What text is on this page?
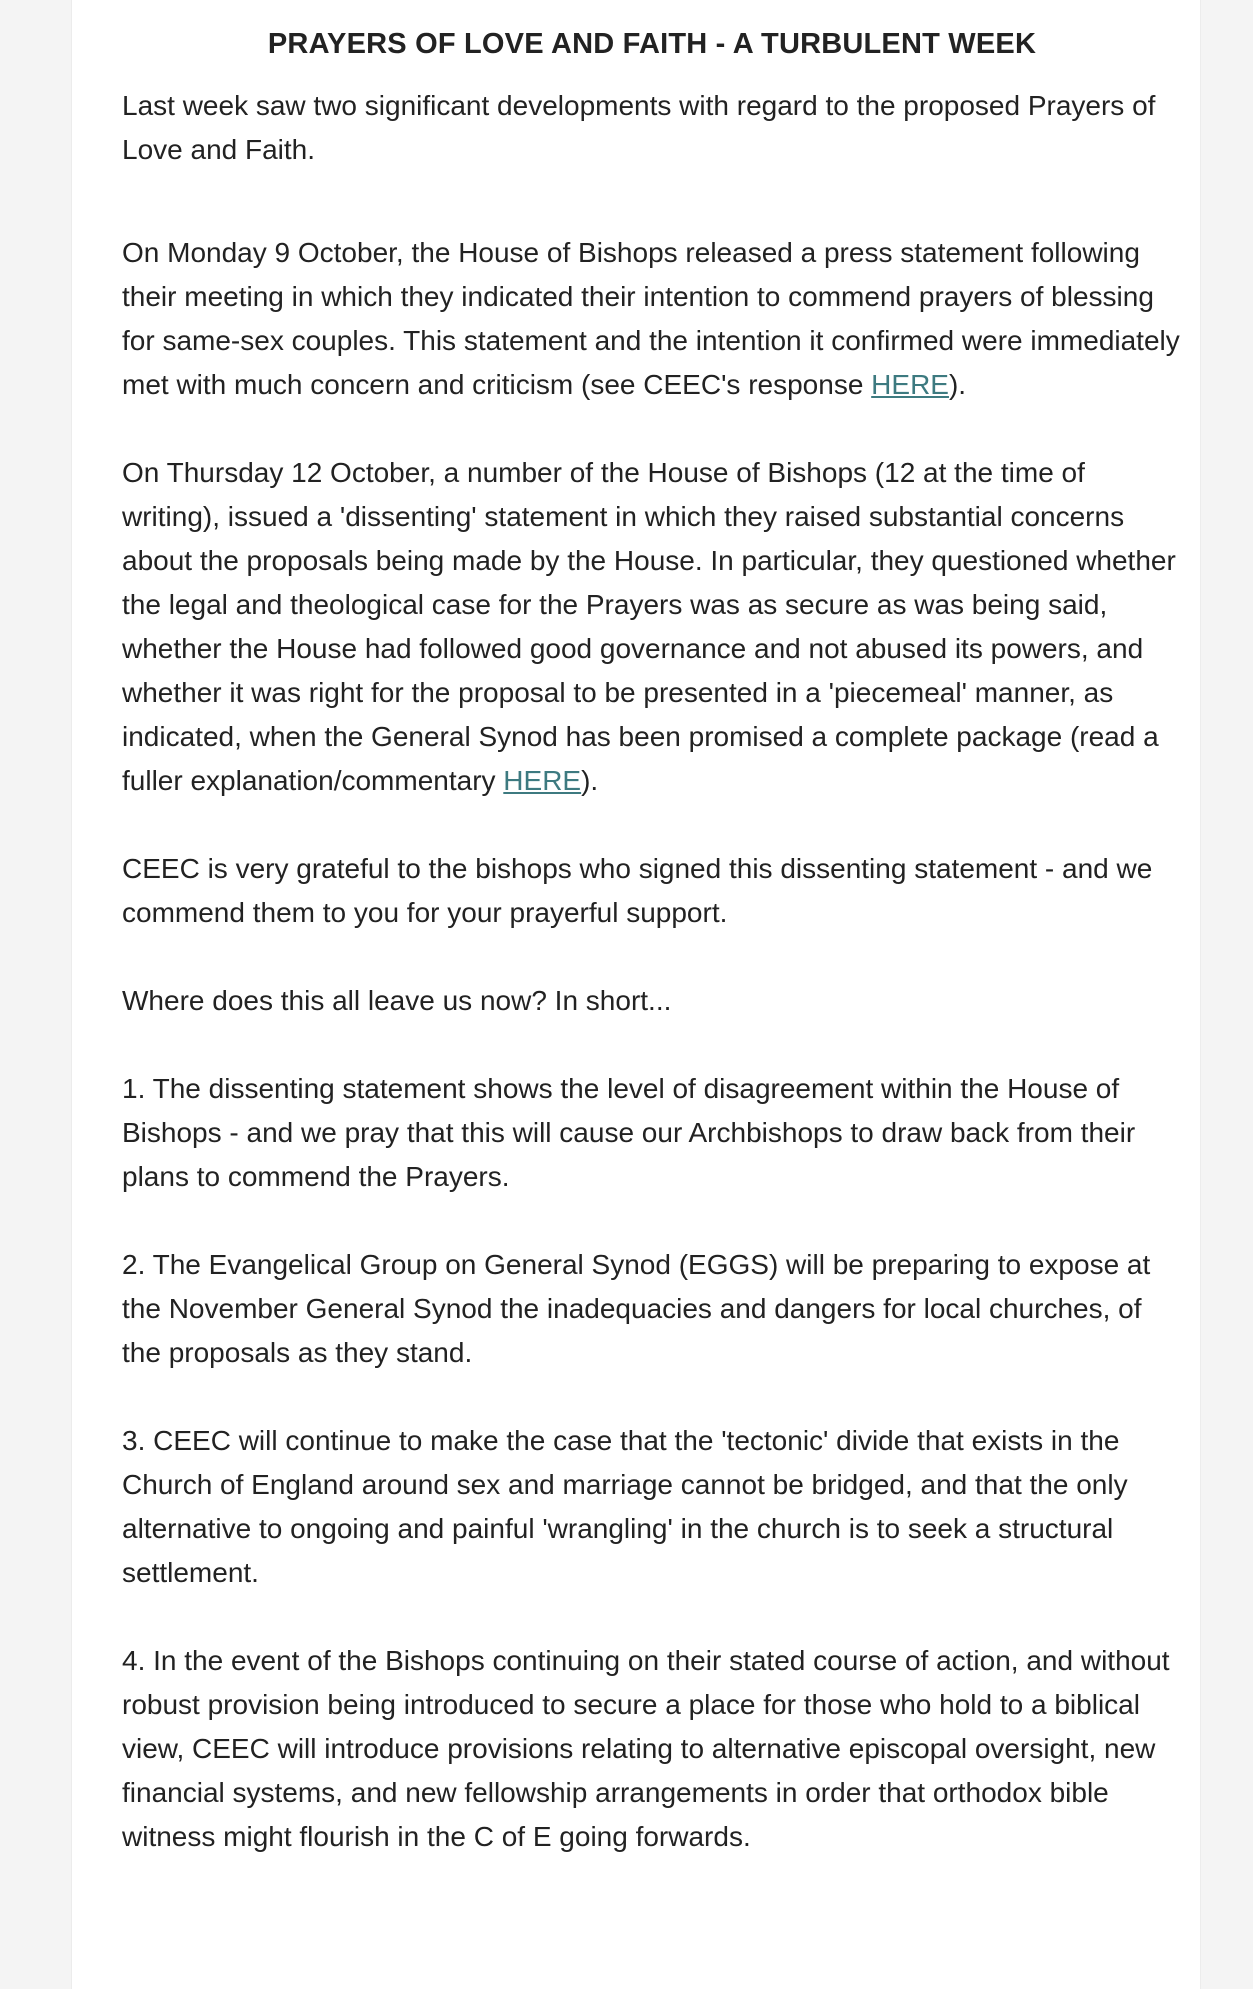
PRAYERS OF LOVE AND FAITH - A TURBULENT WEEK

Last week saw two significant developments with regard to the proposed Prayers of Love and Faith.

On Monday 9 October, the House of Bishops released a press statement following their meeting in which they indicated their intention to commend prayers of blessing for same-sex couples. This statement and the intention it confirmed were immediately met with much concern and criticism (see CEEC's response HERE).

On Thursday 12 October, a number of the House of Bishops (12 at the time of writing), issued a 'dissenting' statement in which they raised substantial concerns about the proposals being made by the House. In particular, they questioned whether the legal and theological case for the Prayers was as secure as was being said, whether the House had followed good governance and not abused its powers, and whether it was right for the proposal to be presented in a 'piecemeal' manner, as indicated, when the General Synod has been promised a complete package (read a fuller explanation/commentary HERE).

CEEC is very grateful to the bishops who signed this dissenting statement - and we commend them to you for your prayerful support.

Where does this all leave us now? In short...

1. The dissenting statement shows the level of disagreement within the House of Bishops - and we pray that this will cause our Archbishops to draw back from their plans to commend the Prayers.

2. The Evangelical Group on General Synod (EGGS) will be preparing to expose at the November General Synod the inadequacies and dangers for local churches, of the proposals as they stand.

3. CEEC will continue to make the case that the 'tectonic' divide that exists in the Church of England around sex and marriage cannot be bridged, and that the only alternative to ongoing and painful 'wrangling' in the church is to seek a structural settlement.

4. In the event of the Bishops continuing on their stated course of action, and without robust provision being introduced to secure a place for those who hold to a biblical view, CEEC will introduce provisions relating to alternative episcopal oversight, new financial systems, and new fellowship arrangements in order that orthodox bible witness might flourish in the C of E going forwards.
